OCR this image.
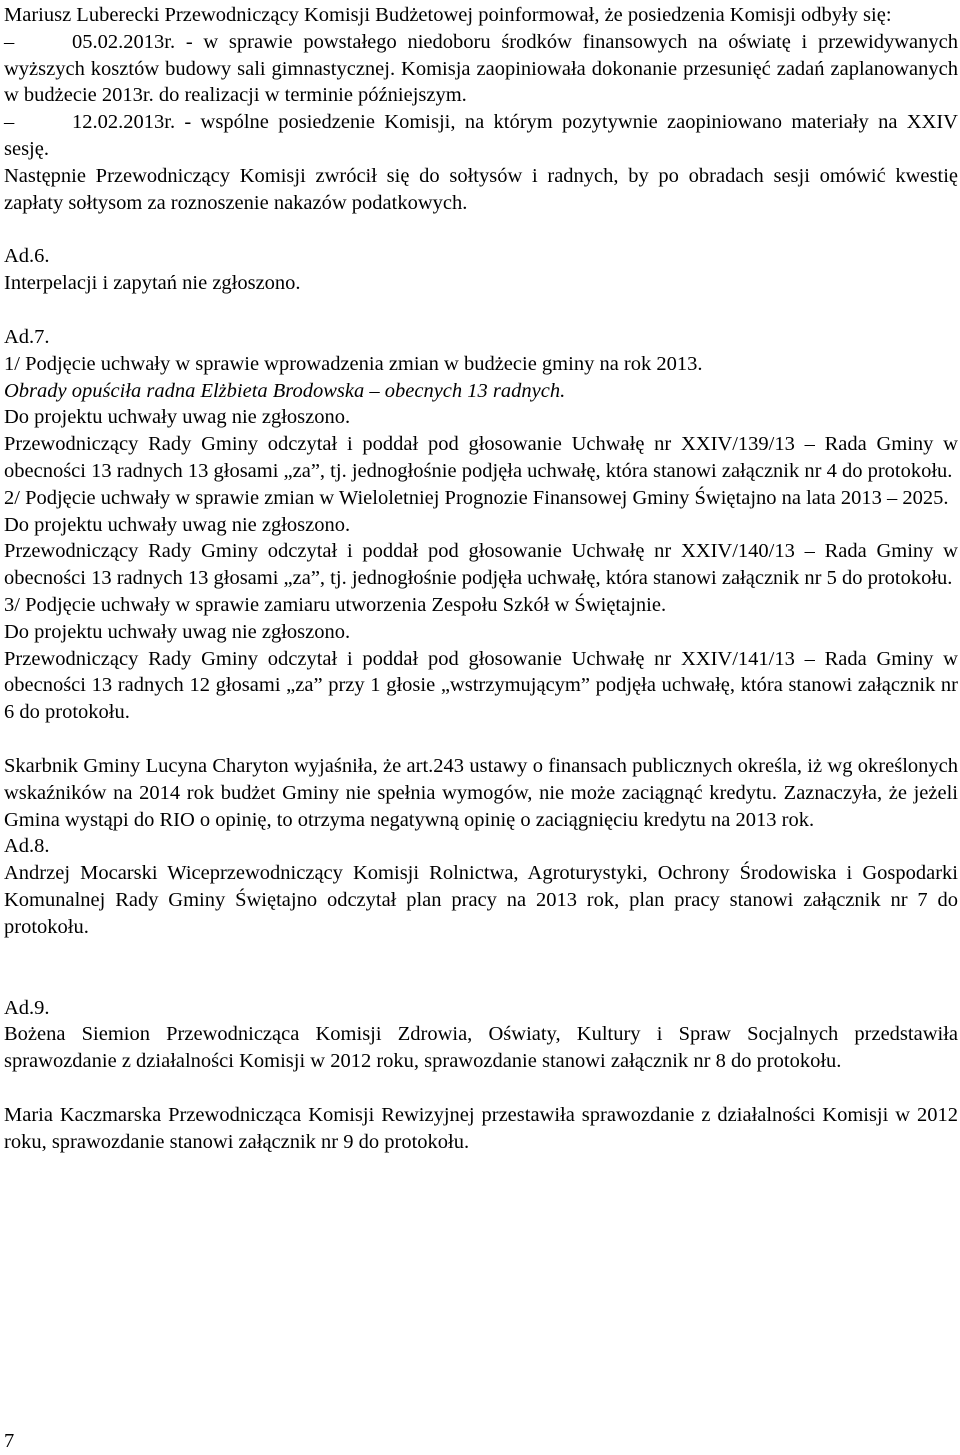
Mariusz Luberecki Przewodniczący Komisji Budżetowej poinformował, że posiedzenia Komisji odbyły się:

–	05.02.2013r. - w sprawie powstałego niedoboru środków finansowych na oświatę i przewidywanych wyższych kosztów budowy sali gimnastycznej. Komisja zaopiniowała dokonanie przesunięć zadań zaplanowanych w budżecie 2013r. do realizacji w terminie późniejszym.

–	12.02.2013r. - wspólne posiedzenie Komisji, na którym pozytywnie zaopiniowano materiały na XXIV sesję.

Następnie Przewodniczący Komisji zwrócił się do sołtysów i radnych, by po obradach sesji omówić kwestię zapłaty sołtysom za roznoszenie nakazów podatkowych.

Ad.6.

Interpelacji i zapytań nie zgłoszono.

Ad.7.

1/ Podjęcie uchwały w sprawie wprowadzenia zmian w budżecie gminy na rok 2013.

Obrady opuściła radna Elżbieta Brodowska – obecnych 13 radnych.

Do projektu uchwały uwag nie zgłoszono.

Przewodniczący Rady Gminy odczytał i poddał pod głosowanie Uchwałę nr XXIV/139/13 – Rada Gminy w obecności 13 radnych 13 głosami „za”, tj. jednogłośnie podjęła uchwałę, która stanowi załącznik nr 4 do protokołu.

2/ Podjęcie uchwały w sprawie zmian w Wieloletniej Prognozie Finansowej Gminy Świętajno na lata 2013 – 2025.

Do projektu uchwały uwag nie zgłoszono.

Przewodniczący Rady Gminy odczytał i poddał pod głosowanie Uchwałę nr XXIV/140/13 – Rada Gminy w obecności 13 radnych 13 głosami „za”, tj. jednogłośnie podjęła uchwałę, która stanowi załącznik nr 5 do protokołu.

3/ Podjęcie uchwały w sprawie zamiaru utworzenia Zespołu Szkół w Świętajnie.

Do projektu uchwały uwag nie zgłoszono.

Przewodniczący Rady Gminy odczytał i poddał pod głosowanie Uchwałę nr XXIV/141/13 – Rada Gminy w obecności 13 radnych 12 głosami „za” przy 1 głosie „wstrzymującym” podjęła uchwałę, która stanowi załącznik nr 6 do protokołu.

Skarbnik Gminy Lucyna Charyton wyjaśniła, że art.243 ustawy o finansach publicznych określa, iż wg określonych wskaźników na 2014 rok budżet Gminy nie spełnia wymogów, nie może zaciągnąć kredytu. Zaznaczyła, że jeżeli Gmina wystąpi do RIO o opinię, to otrzyma negatywną opinię o zaciągnięciu kredytu na 2013 rok.

Ad.8.

Andrzej Mocarski Wiceprzewodniczący Komisji Rolnictwa, Agroturystyki, Ochrony Środowiska i Gospodarki Komunalnej Rady Gminy Świętajno odczytał plan pracy na 2013 rok, plan pracy stanowi załącznik nr 7 do protokołu.

Ad.9.

Bożena Siemion Przewodnicząca Komisji Zdrowia, Oświaty, Kultury i Spraw Socjalnych przedstawiła sprawozdanie z działalności Komisji w 2012 roku, sprawozdanie stanowi załącznik nr 8 do protokołu.

Maria Kaczmarska Przewodnicząca Komisji Rewizyjnej przestawiła sprawozdanie z działalności Komisji w 2012 roku, sprawozdanie stanowi załącznik nr 9 do protokołu.

7
